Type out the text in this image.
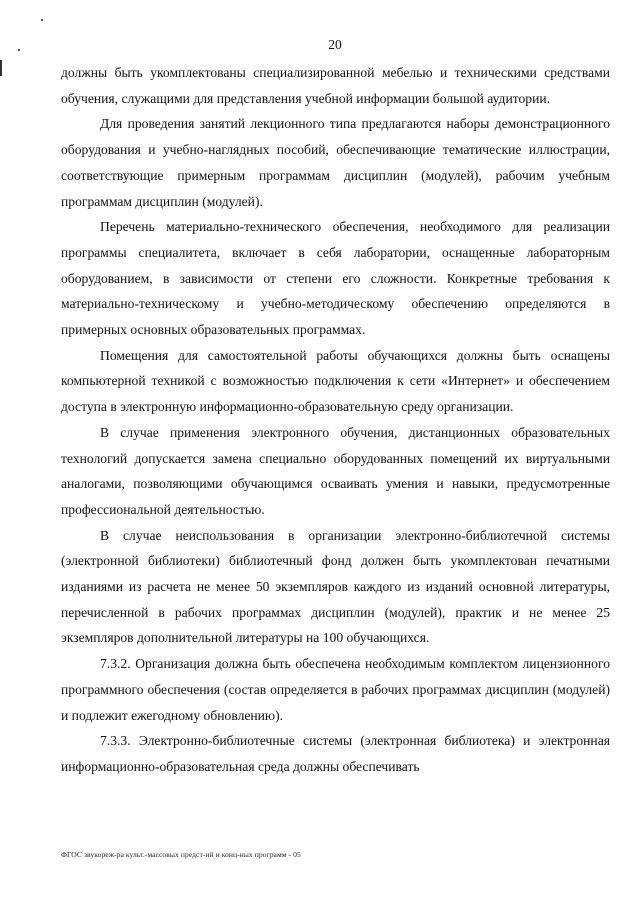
20

должны быть укомплектованы специализированной мебелью и техническими средствами обучения, служащими для представления учебной информации большой аудитории.

Для проведения занятий лекционного типа предлагаются наборы демонстрационного оборудования и учебно-наглядных пособий, обеспечивающие тематические иллюстрации, соответствующие примерным программам дисциплин (модулей), рабочим учебным программам дисциплин (модулей).

Перечень материально-технического обеспечения, необходимого для реализации программы специалитета, включает в себя лаборатории, оснащенные лабораторным оборудованием, в зависимости от степени его сложности. Конкретные требования к материально-техническому и учебно-методическому обеспечению определяются в примерных основных образовательных программах.

Помещения для самостоятельной работы обучающихся должны быть оснащены компьютерной техникой с возможностью подключения к сети «Интернет» и обеспечением доступа в электронную информационно-образовательную среду организации.

В случае применения электронного обучения, дистанционных образовательных технологий допускается замена специально оборудованных помещений их виртуальными аналогами, позволяющими обучающимся осваивать умения и навыки, предусмотренные профессиональной деятельностью.

В случае неиспользования в организации электронно-библиотечной системы (электронной библиотеки) библиотечный фонд должен быть укомплектован печатными изданиями из расчета не менее 50 экземпляров каждого из изданий основной литературы, перечисленной в рабочих программах дисциплин (модулей), практик и не менее 25 экземпляров дополнительной литературы на 100 обучающихся.

7.3.2. Организация должна быть обеспечена необходимым комплектом лицензионного программного обеспечения (состав определяется в рабочих программах дисциплин (модулей) и подлежит ежегодному обновлению).

7.3.3. Электронно-библиотечные системы (электронная библиотека) и электронная информационно-образовательная среда должны обеспечивать

ФГОС звукореж-ра культ.-массовых предст-ий и конц-ных программ - 05
